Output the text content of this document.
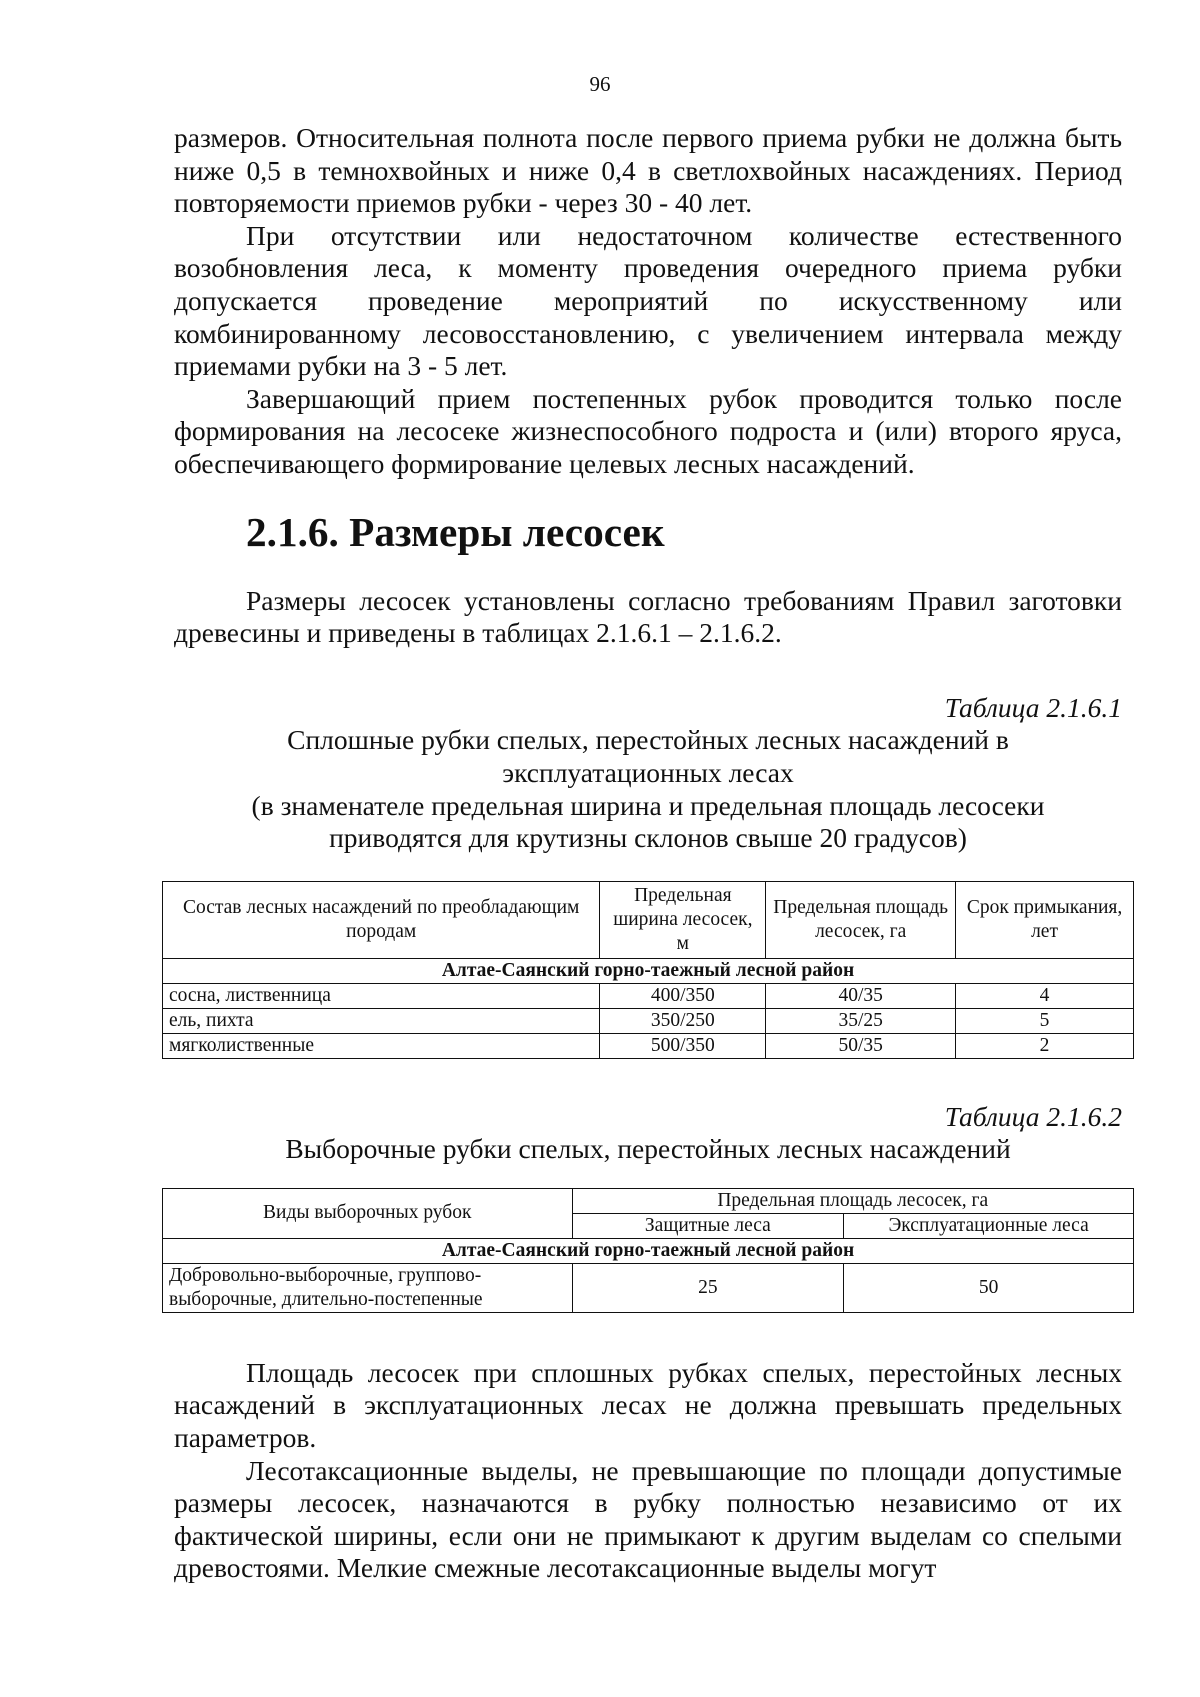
96

размеров. Относительная полнота после первого приема рубки не должна быть ниже 0,5 в темнохвойных и ниже 0,4 в светлохвойных насаждениях. Период повторяемости приемов рубки - через 30 - 40 лет.

При отсутствии или недостаточном количестве естественного возобновления леса, к моменту проведения очередного приема рубки допускается проведение мероприятий по искусственному или комбинированному лесовосстановлению, с увеличением интервала между приемами рубки на 3 - 5 лет.

Завершающий прием постепенных рубок проводится только после формирования на лесосеке жизнеспособного подроста и (или) второго яруса, обеспечивающего формирование целевых лесных насаждений.

2.1.6. Размеры лесосек

Размеры лесосек установлены согласно требованиям Правил заготовки древесины и приведены в таблицах 2.1.6.1 – 2.1.6.2.

Таблица 2.1.6.1
Сплошные рубки спелых, перестойных лесных насаждений в
эксплуатационных лесах
(в знаменателе предельная ширина и предельная площадь лесосеки
приводятся для крутизны склонов свыше 20 градусов)
Состав лесных насаждений по преобладающим породам	Предельная ширина лесосек, м	Предельная площадь лесосек, га	Срок примыкания, лет
Алтае-Саянский горно-таежный лесной район			
сосна, лиственница	400/350	40/35	4
ель, пихта	350/250	35/25	5
мягколиственные	500/350	50/35	2
Таблица 2.1.6.2
Выборочные рубки спелых, перестойных лесных насаждений
Виды выборочных рубок	Предельная площадь лесосек, га	
	Защитные леса	Эксплуатационные леса
Алтае-Саянский горно-таежный лесной район		

Добровольно-выборочные, группово-
выборочные, длительно-постепенные	25	50

Площадь лесосек при сплошных рубках спелых, перестойных лесных насаждений в эксплуатационных лесах не должна превышать предельных параметров.

Лесотаксационные выделы, не превышающие по площади допустимые размеры лесосек, назначаются в рубку полностью независимо от их фактической ширины, если они не примыкают к другим выделам со спелыми древостоями. Мелкие смежные лесотаксационные выделы могут
